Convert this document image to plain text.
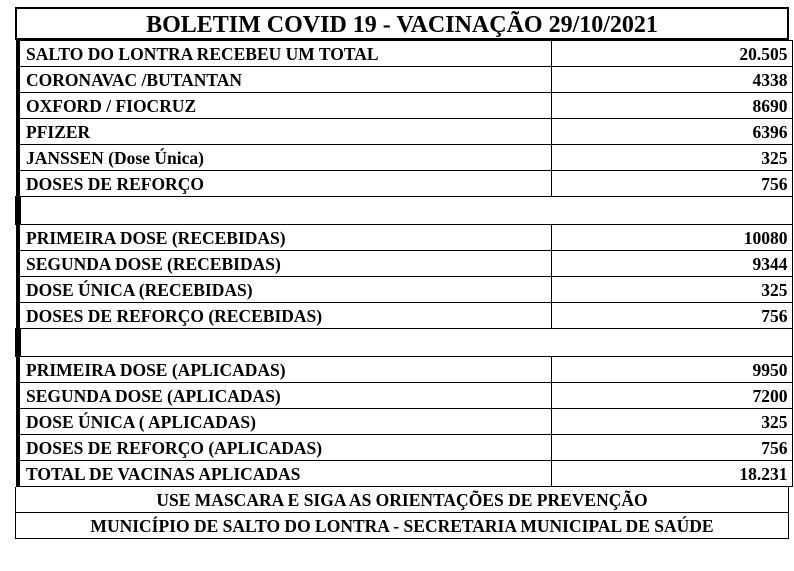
BOLETIM COVID 19 - VACINAÇÃO 29/10/2021
SALTO DO LONTRA RECEBEU UM TOTAL	20.505
CORONAVAC /BUTANTAN	4338
OXFORD / FIOCRUZ	8690
PFIZER	6396
JANSSEN (Dose Única)	325
DOSES DE REFORÇO	756

PRIMEIRA DOSE (RECEBIDAS)	10080
SEGUNDA DOSE (RECEBIDAS)	9344
DOSE ÚNICA (RECEBIDAS)	325
DOSES DE REFORÇO (RECEBIDAS)	756

PRIMEIRA DOSE (APLICADAS)	9950
SEGUNDA DOSE (APLICADAS)	7200
DOSE ÚNICA ( APLICADAS)	325
DOSES DE REFORÇO (APLICADAS)	756
TOTAL DE VACINAS APLICADAS	18.231
USE MASCARA E SIGA AS ORIENTAÇÕES DE PREVENÇÃO
MUNICÍPIO DE SALTO DO LONTRA - SECRETARIA MUNICIPAL DE SAÚDE
